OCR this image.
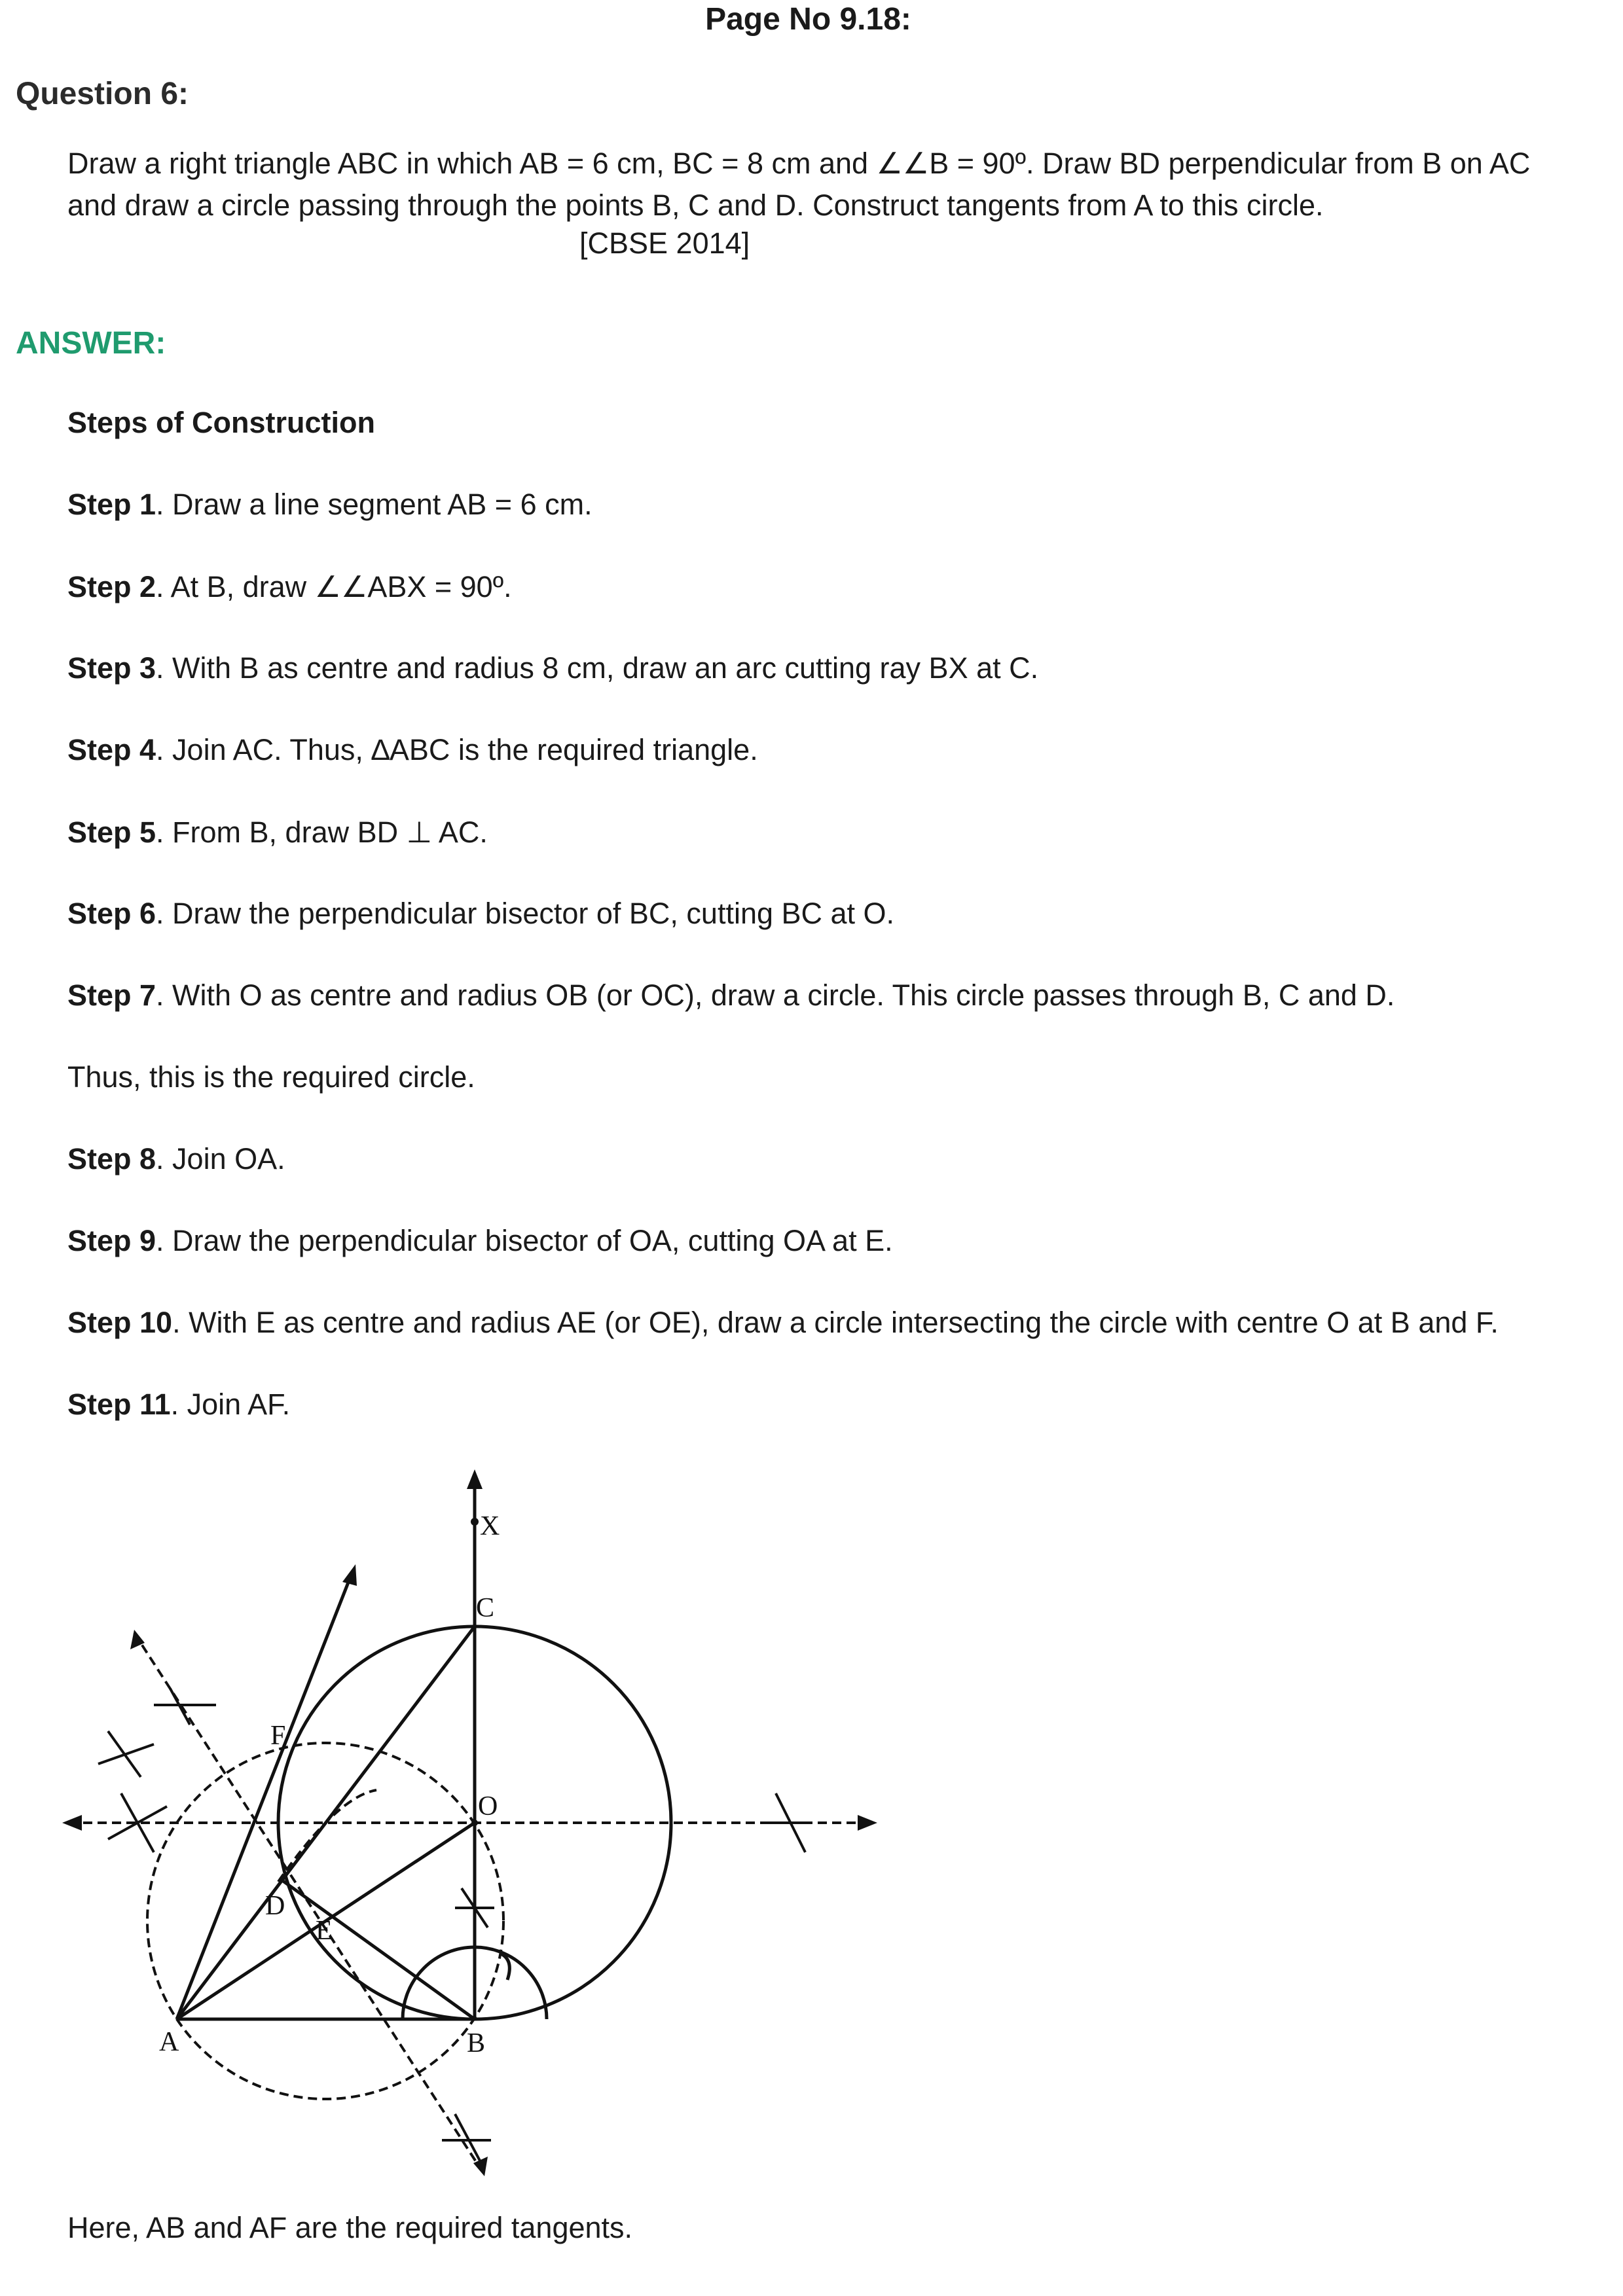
Page No 9.18:
Question 6:
Draw a right triangle ABC in which AB = 6 cm, BC = 8 cm and ∠∠B = 90º. Draw BD perpendicular from B on AC
and draw a circle passing through the points B, C and D. Construct tangents from A to this circle.
[CBSE 2014]
ANSWER:
Steps of Construction
Step 1. Draw a line segment AB = 6 cm.
Step 2. At B, draw ∠∠ABX = 90º.
Step 3. With B as centre and radius 8 cm, draw an arc cutting ray BX at C.
Step 4. Join AC. Thus, ∆ABC is the required triangle.
Step 5. From B, draw BD ⊥ AC.
Step 6. Draw the perpendicular bisector of BC, cutting BC at O.
Step 7. With O as centre and radius OB (or OC), draw a circle. This circle passes through B, C and D.
Thus, this is the required circle.
Step 8. Join OA.
Step 9. Draw the perpendicular bisector of OA, cutting OA at E.
Step 10. With E as centre and radius AE (or OE), draw a circle intersecting the circle with centre O at B and F.
Step 11. Join AF.
X
C
F
O
D
E
A	B
Here, AB and AF are the required tangents.
